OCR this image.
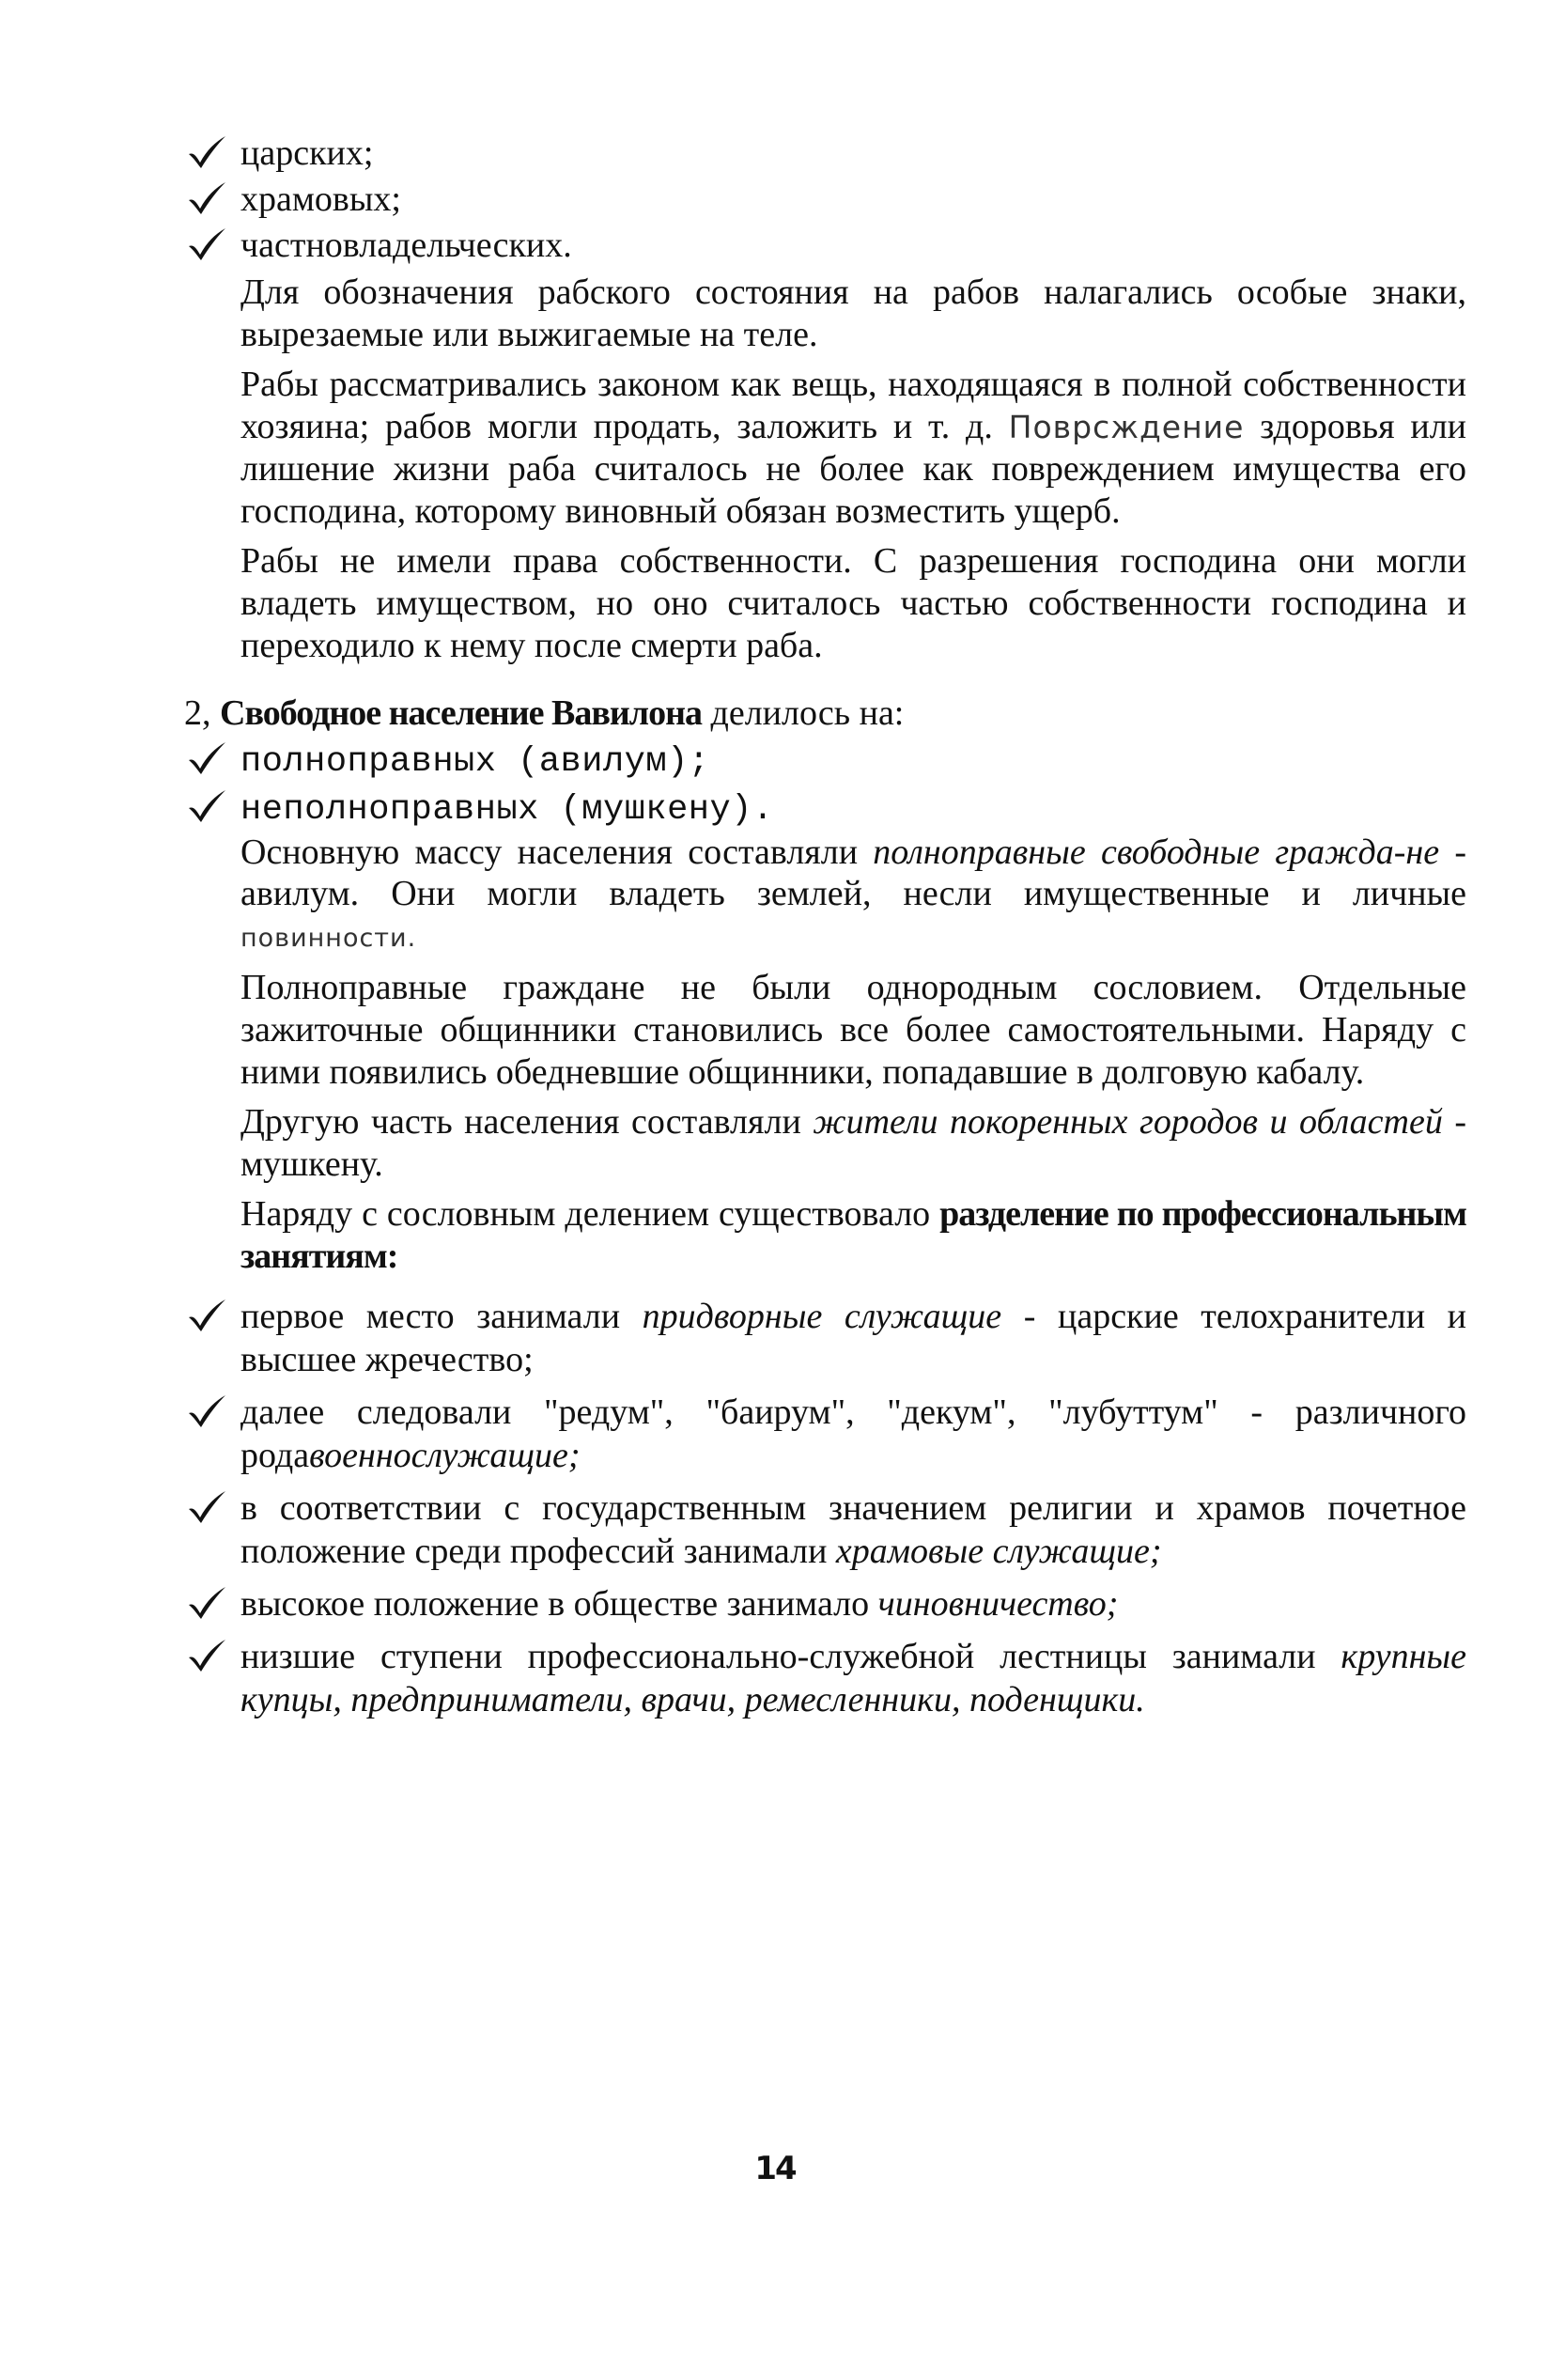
царских;
храмовых;
частновладельческих.

Для обозначения рабского состояния на рабов налагались особые знаки, вырезаемые или выжигаемые на теле.

Рабы рассматривались законом как вещь, находящаяся в полной собственности хозяина; рабов могли продать, заложить и т. д. Поврсждение здоровья или лишение жизни раба считалось не более как повреждением имущества его господина, которому виновный обязан возместить ущерб.

Рабы не имели права собственности. С разрешения господина они могли владеть имуществом, но оно считалось частью собственности господина и переходило к нему после смерти раба.

2, Свободное население Вавилона делилось на:
полноправных (авилум);
неполноправных (мушкену).

Основную массу населения составляли полноправные свободные гражда-не - авилум. Они могли владеть землей, несли имущественные и личные повинности.

Полноправные граждане не были однородным сословием. Отдельные зажиточные общинники становились все более самостоятельными. Наряду с ними появились обедневшие общинники, попадавшие в долговую кабалу.

Другую часть населения составляли жители покоренных городов и областей - мушкену.

Наряду с сословным делением существовало разделение по профессиональным занятиям:

первое место занимали придворные служащие - царские телохранители и высшее жречество;
далее следовали "редум", "баирум", "декум", "лубуттум" - различного родавоеннослужащие;
в соответствии с государственным значением религии и храмов почетное положение среди профессий занимали храмовые служащие;
высокое положение в обществе занимало чиновничество;
низшие ступени профессионально-служебной лестницы занимали крупные купцы, предприниматели, врачи, ремесленники, поденщики.
14
